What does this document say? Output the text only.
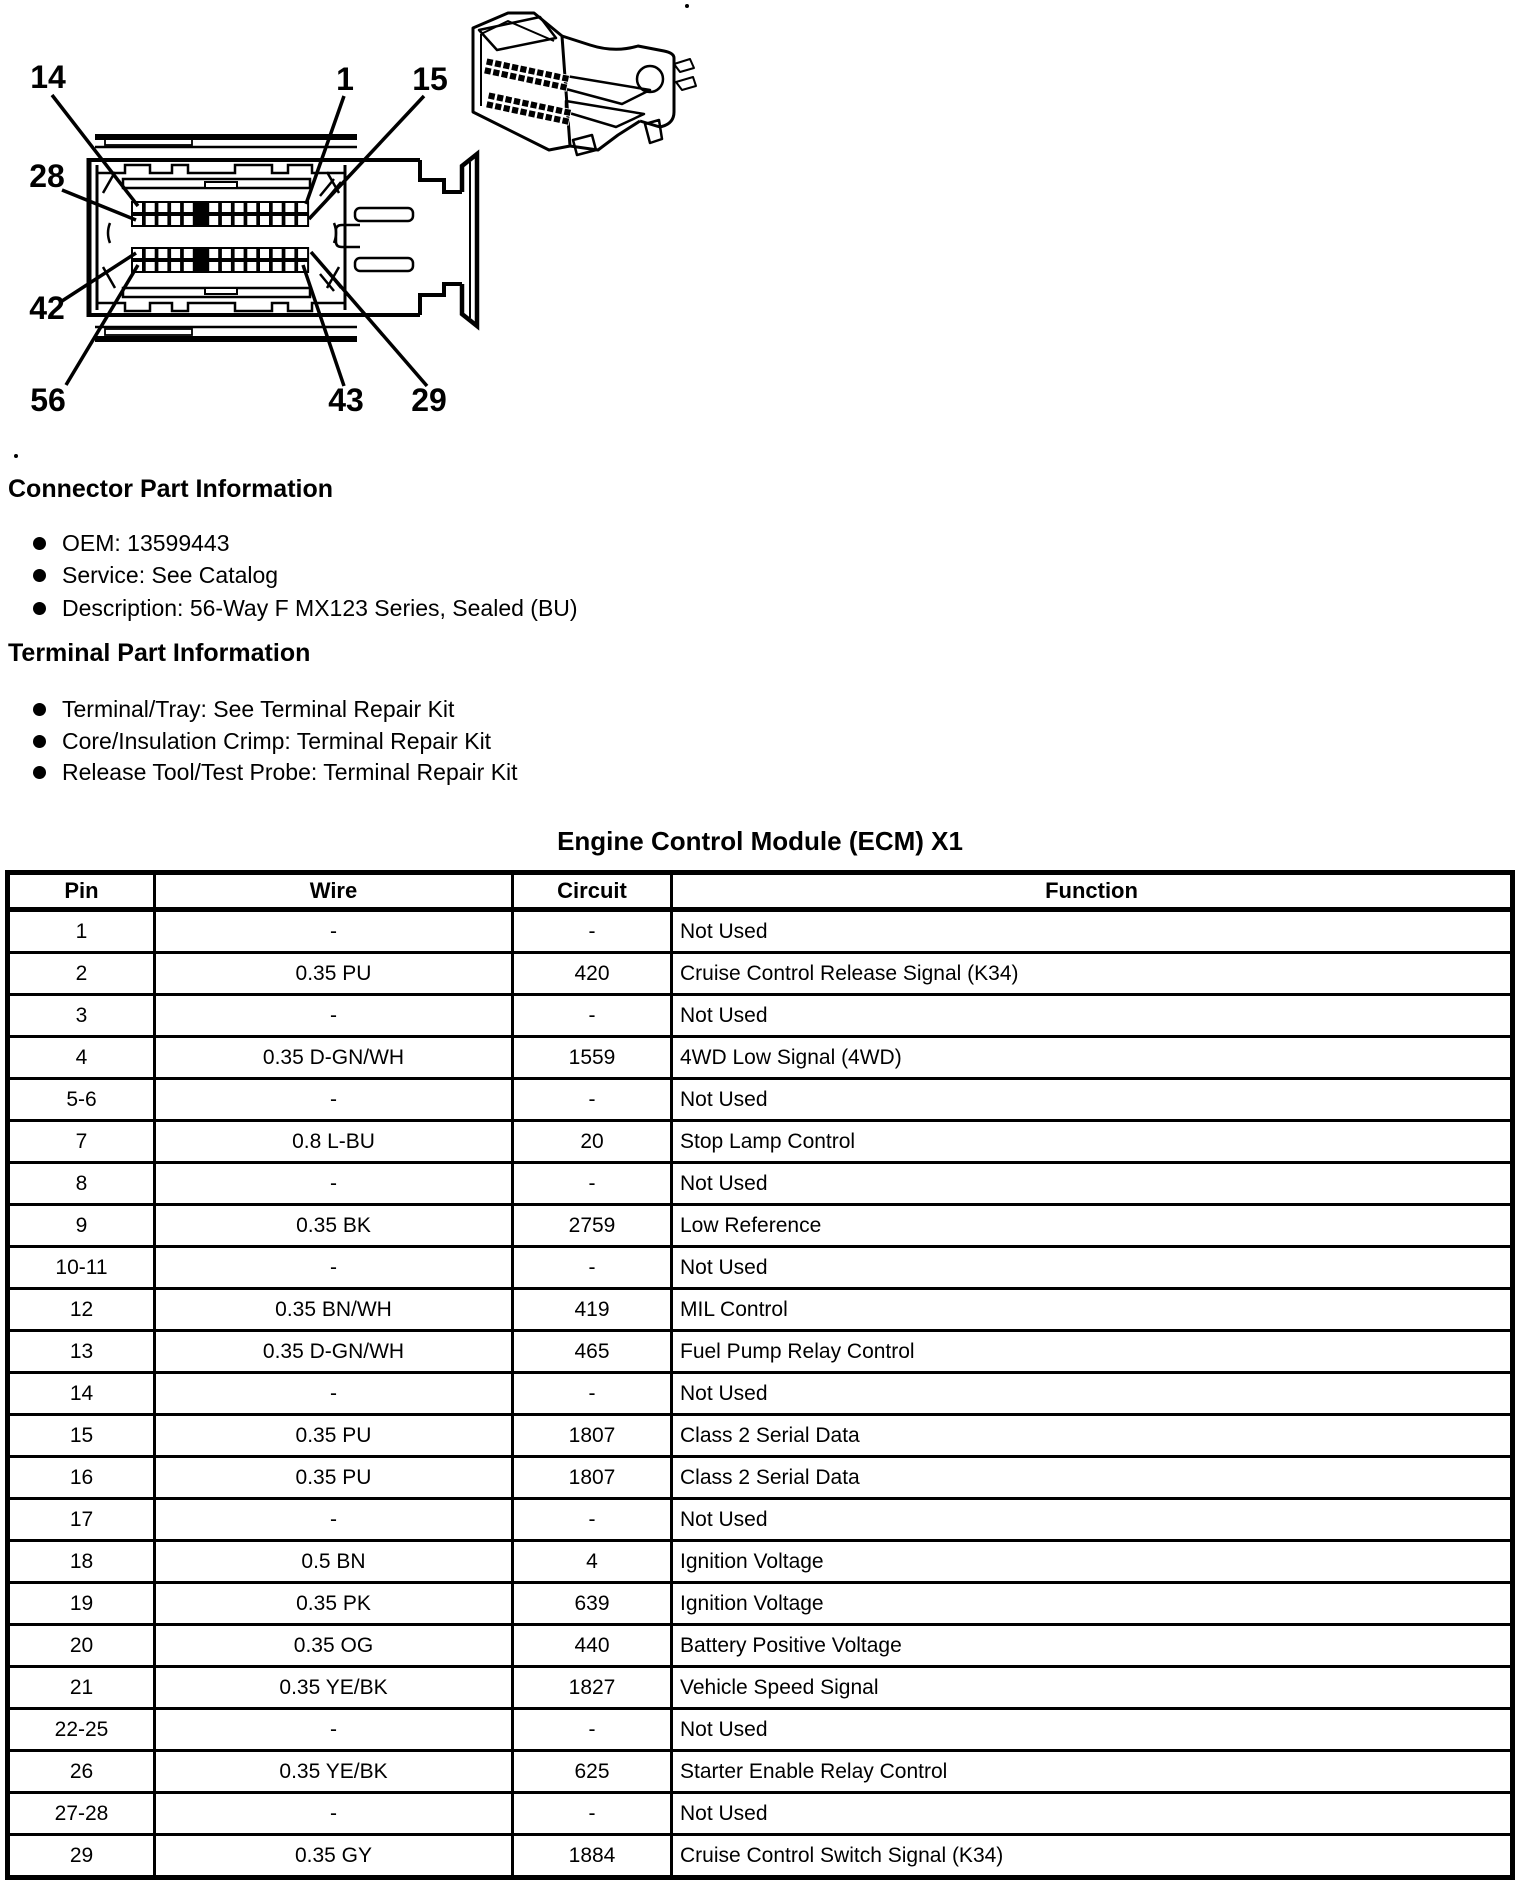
14	1 15
28
42
56	43 29
Connector Part Information
OEM: 13599443
Service: See Catalog
Description: 56-Way F MX123 Series, Sealed (BU)
Terminal Part Information
Terminal/Tray: See Terminal Repair Kit
Core/Insulation Crimp: Terminal Repair Kit
Release Tool/Test Probe: Terminal Repair Kit
Engine Control Module (ECM) X1
Pin	Wire	Circuit	Function
1	-	-	Not Used
2	0.35 PU	420	Cruise Control Release Signal (K34)
3	-	-	Not Used
4	0.35 D-GN/WH	1559	4WD Low Signal (4WD)
5-6	-	-	Not Used
7	0.8 L-BU	20	Stop Lamp Control
8	-	-	Not Used
9	0.35 BK	2759	Low Reference
10-11	-	-	Not Used
12	0.35 BN/WH	419	MIL Control
13	0.35 D-GN/WH	465	Fuel Pump Relay Control
14	-	-	Not Used
15	0.35 PU	1807	Class 2 Serial Data
16	0.35 PU	1807	Class 2 Serial Data
17	-	-	Not Used
18	0.5 BN	4	Ignition Voltage
19	0.35 PK	639	Ignition Voltage
20	0.35 OG	440	Battery Positive Voltage
21	0.35 YE/BK	1827	Vehicle Speed Signal
22-25	-	-	Not Used
26	0.35 YE/BK	625	Starter Enable Relay Control
27-28	-	-	Not Used
29	0.35 GY	1884	Cruise Control Switch Signal (K34)
